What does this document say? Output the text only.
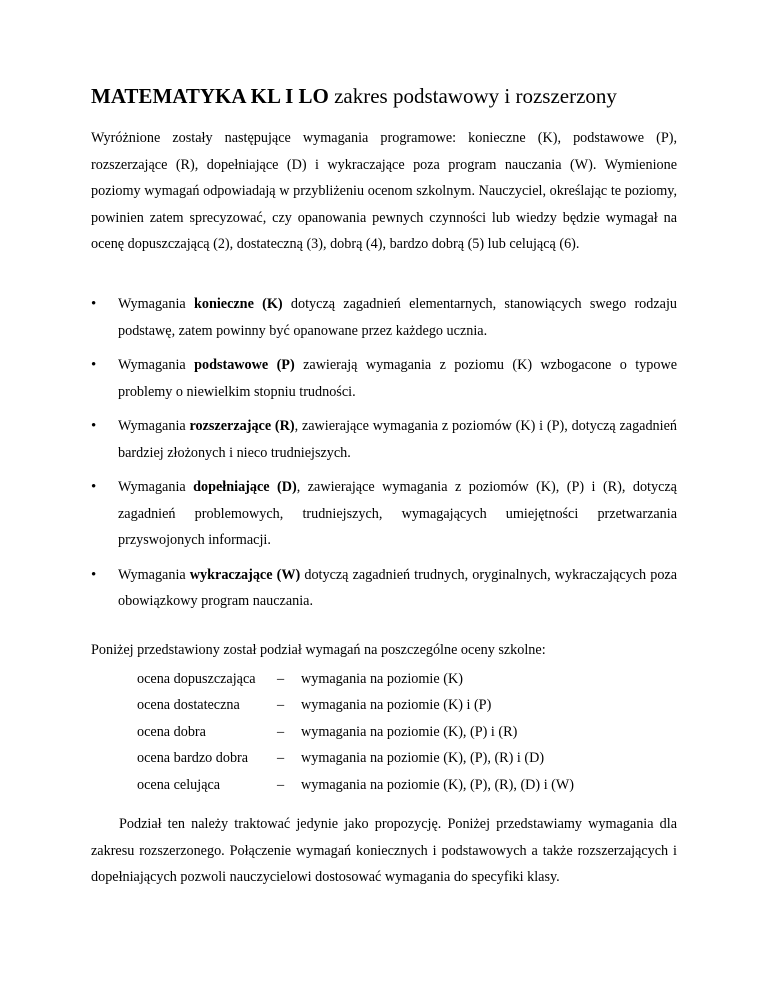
MATEMATYKA KL I LO zakres podstawowy i rozszerzony

Wyróżnione zostały następujące wymagania programowe: konieczne (K), podstawowe (P), rozszerzające (R), dopełniające (D) i wykraczające poza program nauczania (W). Wymienione poziomy wymagań odpowiadają w przybliżeniu ocenom szkolnym. Nauczyciel, określając te poziomy, powinien zatem sprecyzować, czy opanowania pewnych czynności lub wiedzy będzie wymagał na ocenę dopuszczającą (2), dostateczną (3), dobrą (4), bardzo dobrą (5) lub celującą (6).

• Wymagania konieczne (K) dotyczą zagadnień elementarnych, stanowiących swego rodzaju podstawę, zatem powinny być opanowane przez każdego ucznia.
• Wymagania podstawowe (P) zawierają wymagania z poziomu (K) wzbogacone o typowe problemy o niewielkim stopniu trudności.
• Wymagania rozszerzające (R), zawierające wymagania z poziomów (K) i (P), dotyczą zagadnień bardziej złożonych i nieco trudniejszych.
• Wymagania dopełniające (D), zawierające wymagania z poziomów (K), (P) i (R), dotyczą zagadnień problemowych, trudniejszych, wymagających umiejętności przetwarzania przyswojonych informacji.
• Wymagania wykraczające (W) dotyczą zagadnień trudnych, oryginalnych, wykraczających poza obowiązkowy program nauczania.

Poniżej przedstawiony został podział wymagań na poszczególne oceny szkolne:

ocena dopuszczająca	–	wymagania na poziomie (K)
ocena dostateczna	–	wymagania na poziomie (K) i (P)
ocena dobra	–	wymagania na poziomie (K), (P) i (R)
ocena bardzo dobra	–	wymagania na poziomie (K), (P), (R) i (D)
ocena celująca	–	wymagania na poziomie (K), (P), (R), (D) i (W)

Podział ten należy traktować jedynie jako propozycję. Poniżej przedstawiamy wymagania dla zakresu rozszerzonego. Połączenie wymagań koniecznych i podstawowych a także rozszerzających i dopełniających pozwoli nauczycielowi dostosować wymagania do specyfiki klasy.
